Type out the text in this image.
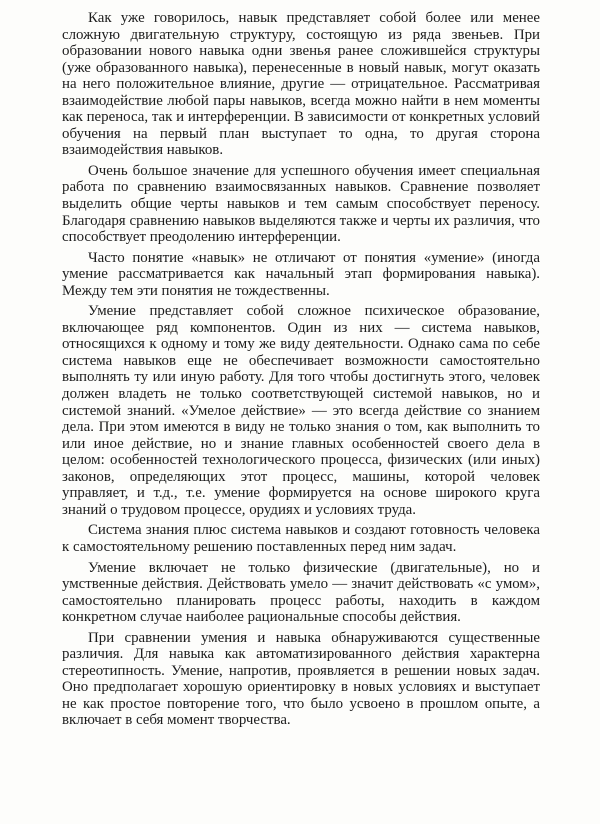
Как уже говорилось, навык представляет собой более или менее сложную двигательную структуру, состоящую из ряда звеньев. При образовании нового навыка одни звенья ранее сложившейся структуры (уже образованного навыка), перенесенные в новый навык, могут оказать на него положительное влияние, другие — отрицательное. Рассматривая взаимодействие любой пары навыков, всегда можно найти в нем моменты как переноса, так и интерференции. В зависимости от конкретных условий обучения на первый план выступает то одна, то другая сторона взаимодействия навыков.

Очень большое значение для успешного обучения имеет специальная работа по сравнению взаимосвязанных навыков. Сравнение позволяет выделить общие черты навыков и тем самым способствует переносу. Благодаря сравнению навыков выделяются также и черты их различия, что способствует преодолению интерференции.

Часто понятие «навык» не отличают от понятия «умение» (иногда умение рассматривается как начальный этап формирования навыка). Между тем эти понятия не тождественны.

Умение представляет собой сложное психическое образование, включающее ряд компонентов. Один из них — система навыков, относящихся к одному и тому же виду деятельности. Однако сама по себе система навыков еще не обеспечивает возможности самостоятельно выполнять ту или иную работу. Для того чтобы достигнуть этого, человек должен владеть не только соответствующей системой навыков, но и системой знаний. «Умелое действие» — это всегда действие со знанием дела. При этом имеются в виду не только знания о том, как выполнить то или иное действие, но и знание главных особенностей своего дела в целом: особенностей технологического процесса, физических (или иных) законов, определяющих этот процесс, машины, которой человек управляет, и т.д., т.е. умение формируется на основе широкого круга знаний о трудовом процессе, орудиях и условиях труда.

Система знания плюс система навыков и создают готовность человека к самостоятельному решению поставленных перед ним задач.

Умение включает не только физические (двигательные), но и умственные действия. Действовать умело — значит действовать «с умом», самостоятельно планировать процесс работы, находить в каждом конкретном случае наиболее рациональные способы действия.

При сравнении умения и навыка обнаруживаются существенные различия. Для навыка как автоматизированного действия характерна стереотипность. Умение, напротив, проявляется в решении новых задач. Оно предполагает хорошую ориентировку в новых условиях и выступает не как простое повторение того, что было усвоено в прошлом опыте, а включает в себя момент творчества.
